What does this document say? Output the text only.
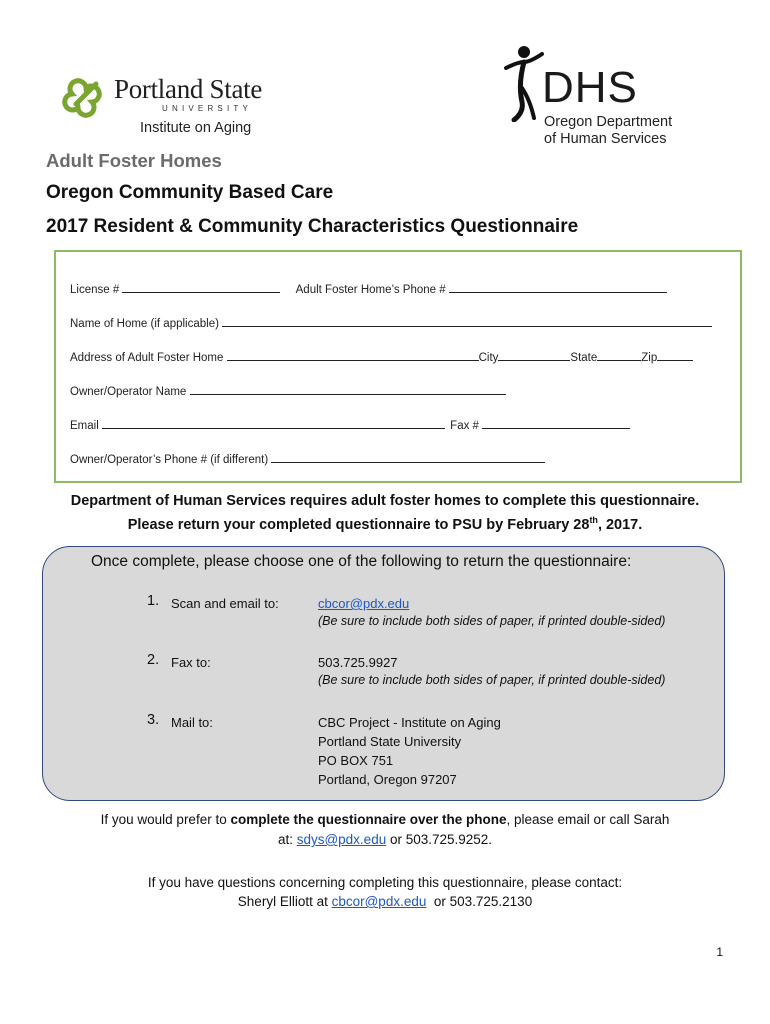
Portland State
UNIVERSITY
Institute on Aging
DHS
Oregon Department
of Human Services
Adult Foster Homes
Oregon Community Based Care
2017 Resident & Community Characteristics Questionnaire
License #	Adult Foster Home’s Phone #
Name of Home (if applicable)
Address of Adult Foster Home	City	State	Zip
Owner/Operator Name
Email	Fax #
Owner/Operator’s Phone # (if different)
Department of Human Services requires adult foster homes to complete this questionnaire.
Please return your completed questionnaire to PSU by February 28th, 2017.
Once complete, please choose one of the following to return the questionnaire:
1. Scan and email to:	cbcor@pdx.edu
(Be sure to include both sides of paper, if printed double-sided)
2. Fax to:	503.725.9927
(Be sure to include both sides of paper, if printed double-sided)
3. Mail to:	CBC Project - Institute on Aging
Portland State University
PO BOX 751
Portland, Oregon 97207
If you would prefer to complete the questionnaire over the phone, please email or call Sarah
at: sdys@pdx.edu or 503.725.9252.
If you have questions concerning completing this questionnaire, please contact:
Sheryl Elliott at cbcor@pdx.edu  or 503.725.2130
1
